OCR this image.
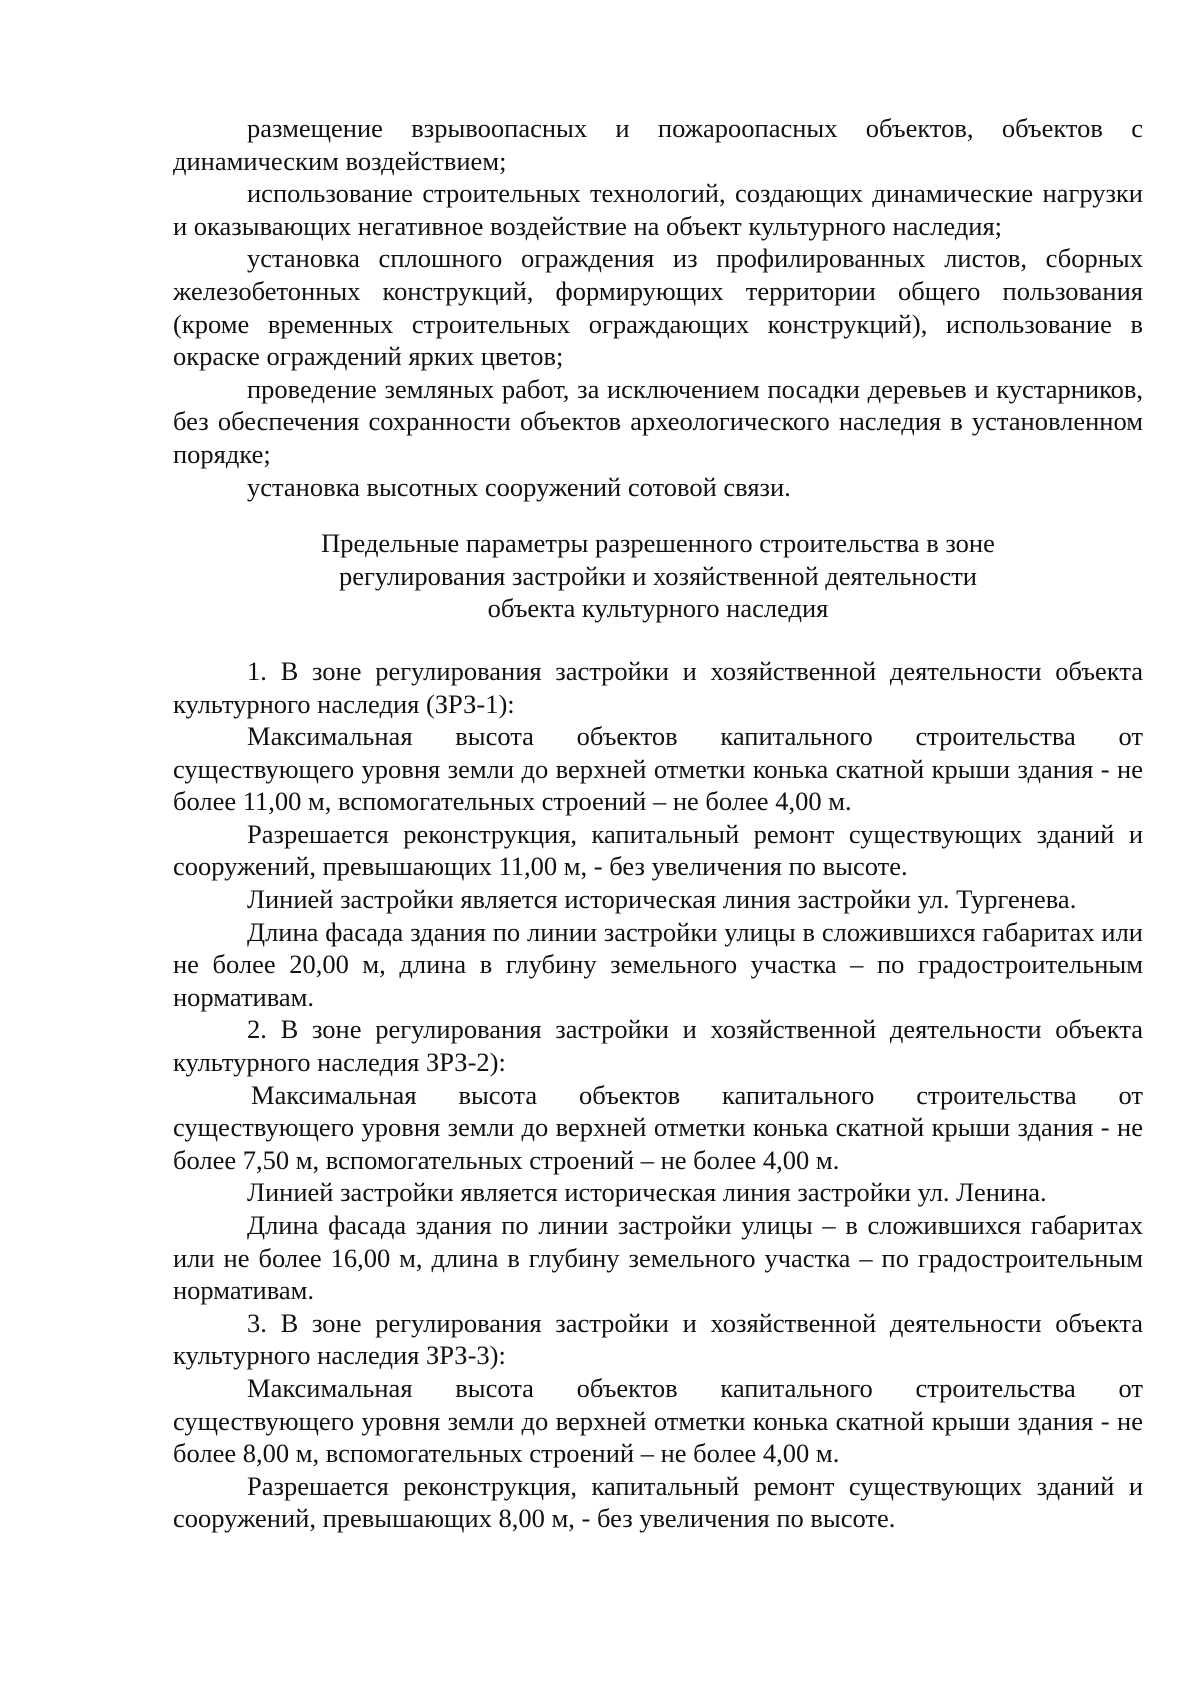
размещение взрывоопасных и пожароопасных объектов, объектов с динамическим воздействием;

использование строительных технологий, создающих динамические нагрузки и оказывающих негативное воздействие на объект культурного наследия;

установка сплошного ограждения из профилированных листов, сборных железобетонных конструкций, формирующих территории общего пользования (кроме временных строительных ограждающих конструкций), использование в окраске ограждений ярких цветов;

проведение земляных работ, за исключением посадки деревьев и кустарников, без обеспечения сохранности объектов археологического наследия в установленном порядке;

установка высотных сооружений сотовой связи.

Предельные параметры разрешенного строительства в зоне
регулирования застройки и хозяйственной деятельности
объекта культурного наследия

1. В зоне регулирования застройки и хозяйственной деятельности объекта культурного наследия (ЗРЗ-1):

Максимальная высота объектов капитального строительства от существующего уровня земли до верхней отметки конька скатной крыши здания - не более 11,00 м, вспомогательных строений – не более 4,00 м.

Разрешается реконструкция, капитальный ремонт существующих зданий и сооружений, превышающих 11,00 м, - без увеличения по высоте.

Линией застройки является историческая линия застройки ул. Тургенева.

Длина фасада здания по линии застройки улицы в сложившихся габаритах или не более 20,00 м, длина в глубину земельного участка – по градостроительным нормативам.

2. В зоне регулирования застройки и хозяйственной деятельности объекта культурного наследия ЗРЗ-2):

Максимальная высота объектов капитального строительства от существующего уровня земли до верхней отметки конька скатной крыши здания - не более 7,50 м, вспомогательных строений – не более 4,00 м.

Линией застройки является историческая линия застройки ул. Ленина.

Длина фасада здания по линии застройки улицы – в сложившихся габаритах или не более 16,00 м, длина в глубину земельного участка – по градостроительным нормативам.

3. В зоне регулирования застройки и хозяйственной деятельности объекта культурного наследия ЗРЗ-3):

Максимальная высота объектов капитального строительства от существующего уровня земли до верхней отметки конька скатной крыши здания - не более 8,00 м, вспомогательных строений – не более 4,00 м.

Разрешается реконструкция, капитальный ремонт существующих зданий и сооружений, превышающих 8,00 м, - без увеличения по высоте.
